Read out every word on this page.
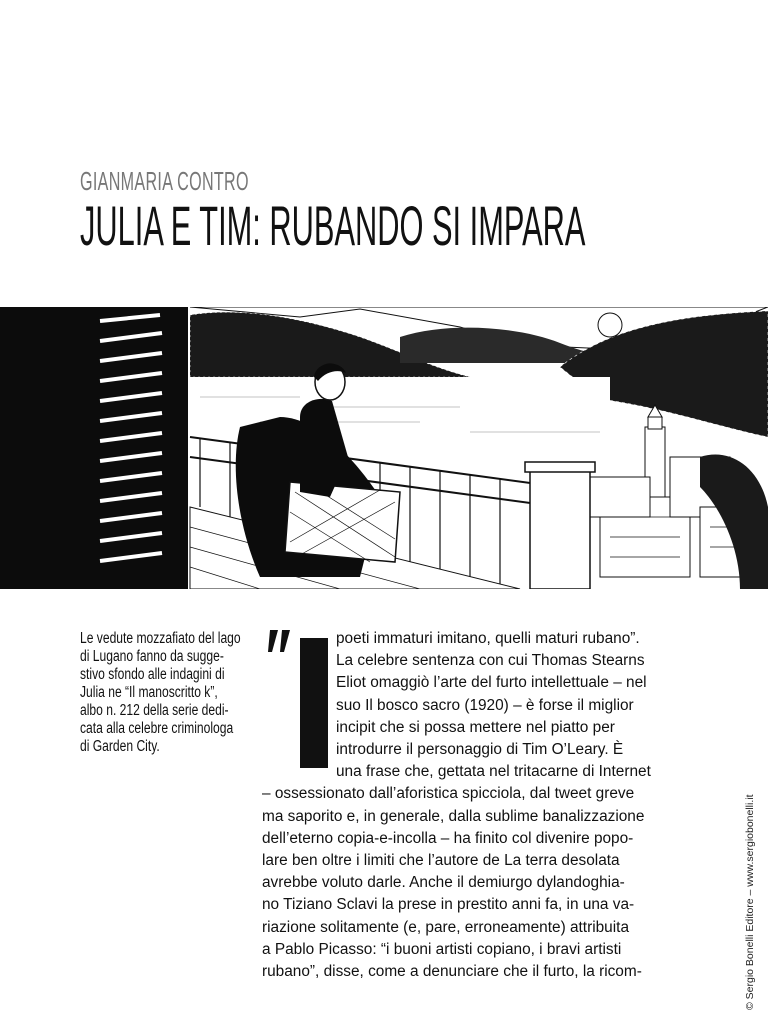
GIANMARIA CONTRO
JULIA E TIM: RUBANDO SI IMPARA
Le vedute mozzafiato del lago
di Lugano fanno da sugge-
stivo sfondo alle indagini di
Julia ne “Il manoscritto k”,
albo n. 212 della serie dedi-
cata alla celebre criminologa
di Garden City.
poeti immaturi imitano, quelli maturi rubano”.
La celebre sentenza con cui Thomas Stearns
Eliot omaggiò l’arte del furto intellettuale – nel
suo Il bosco sacro (1920) – è forse il miglior
incipit che si possa mettere nel piatto per
introdurre il personaggio di Tim O’Leary. È
una frase che, gettata nel tritacarne di Internet
– ossessionato dall’aforistica spicciola, dal tweet greve
ma saporito e, in generale, dalla sublime banalizzazione
dell’eterno copia-e-incolla – ha finito col divenire popo-
lare ben oltre i limiti che l’autore de La terra desolata
avrebbe voluto darle. Anche il demiurgo dylandoghia-
no Tiziano Sclavi la prese in prestito anni fa, in una va-
riazione solitamente (e, pare, erroneamente) attribuita
a Pablo Picasso: “i buoni artisti copiano, i bravi artisti
rubano”, disse, come a denunciare che il furto, la ricom-	© Sergio Bonelli Editore – www.sergiobonelli.it
